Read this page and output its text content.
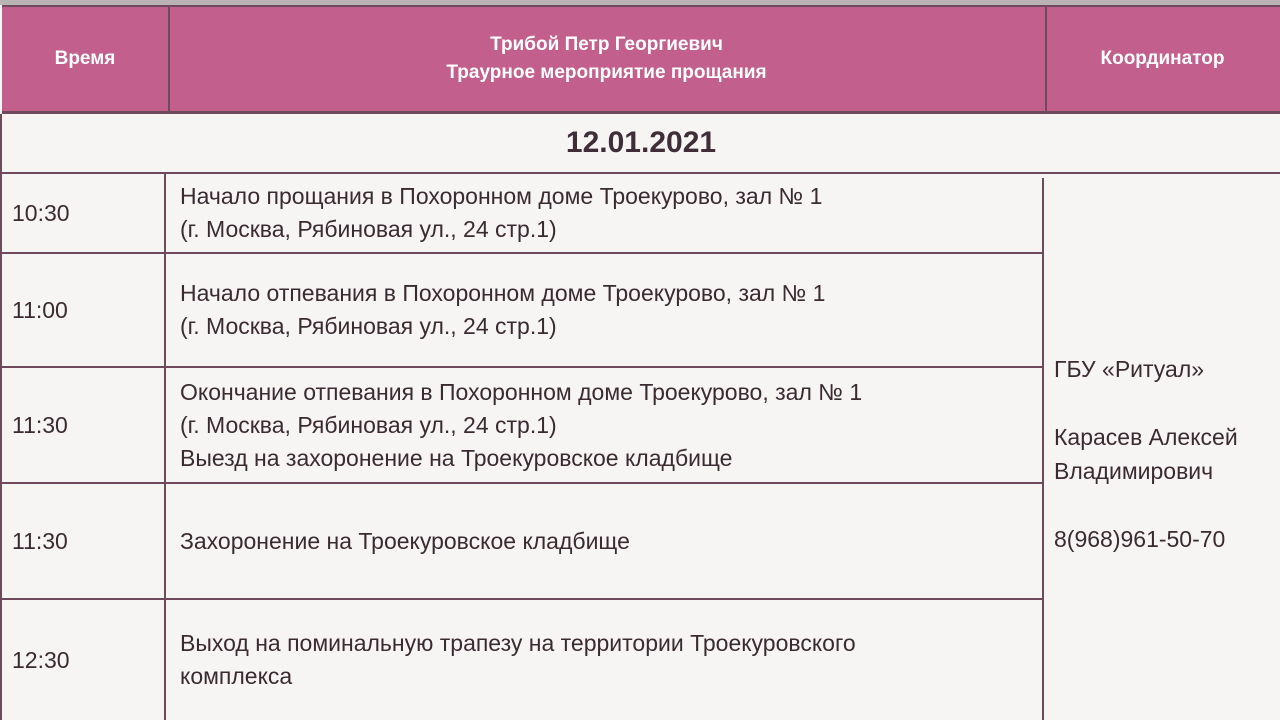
Время
Трибой Петр Георгиевич
Траурное мероприятие прощания
Координатор
12.01.2021
10:30
Начало прощания в Похоронном доме Троекурово, зал № 1
(г. Москва, Рябиновая ул., 24 стр.1)
11:00
Начало отпевания в Похоронном доме Троекурово, зал № 1
(г. Москва, Рябиновая ул., 24 стр.1)
11:30
Окончание отпевания в Похоронном доме Троекурово, зал № 1
(г. Москва, Рябиновая ул., 24 стр.1)
Выезд на захоронение на Троекуровское кладбище
11:30	Захоронение на Троекуровское кладбище
12:30
Выход на поминальную трапезу на территории Троекуровского
комплекса
ГБУ «Ритуал»
Карасев Алексей
Владимирович
8(968)961-50-70
